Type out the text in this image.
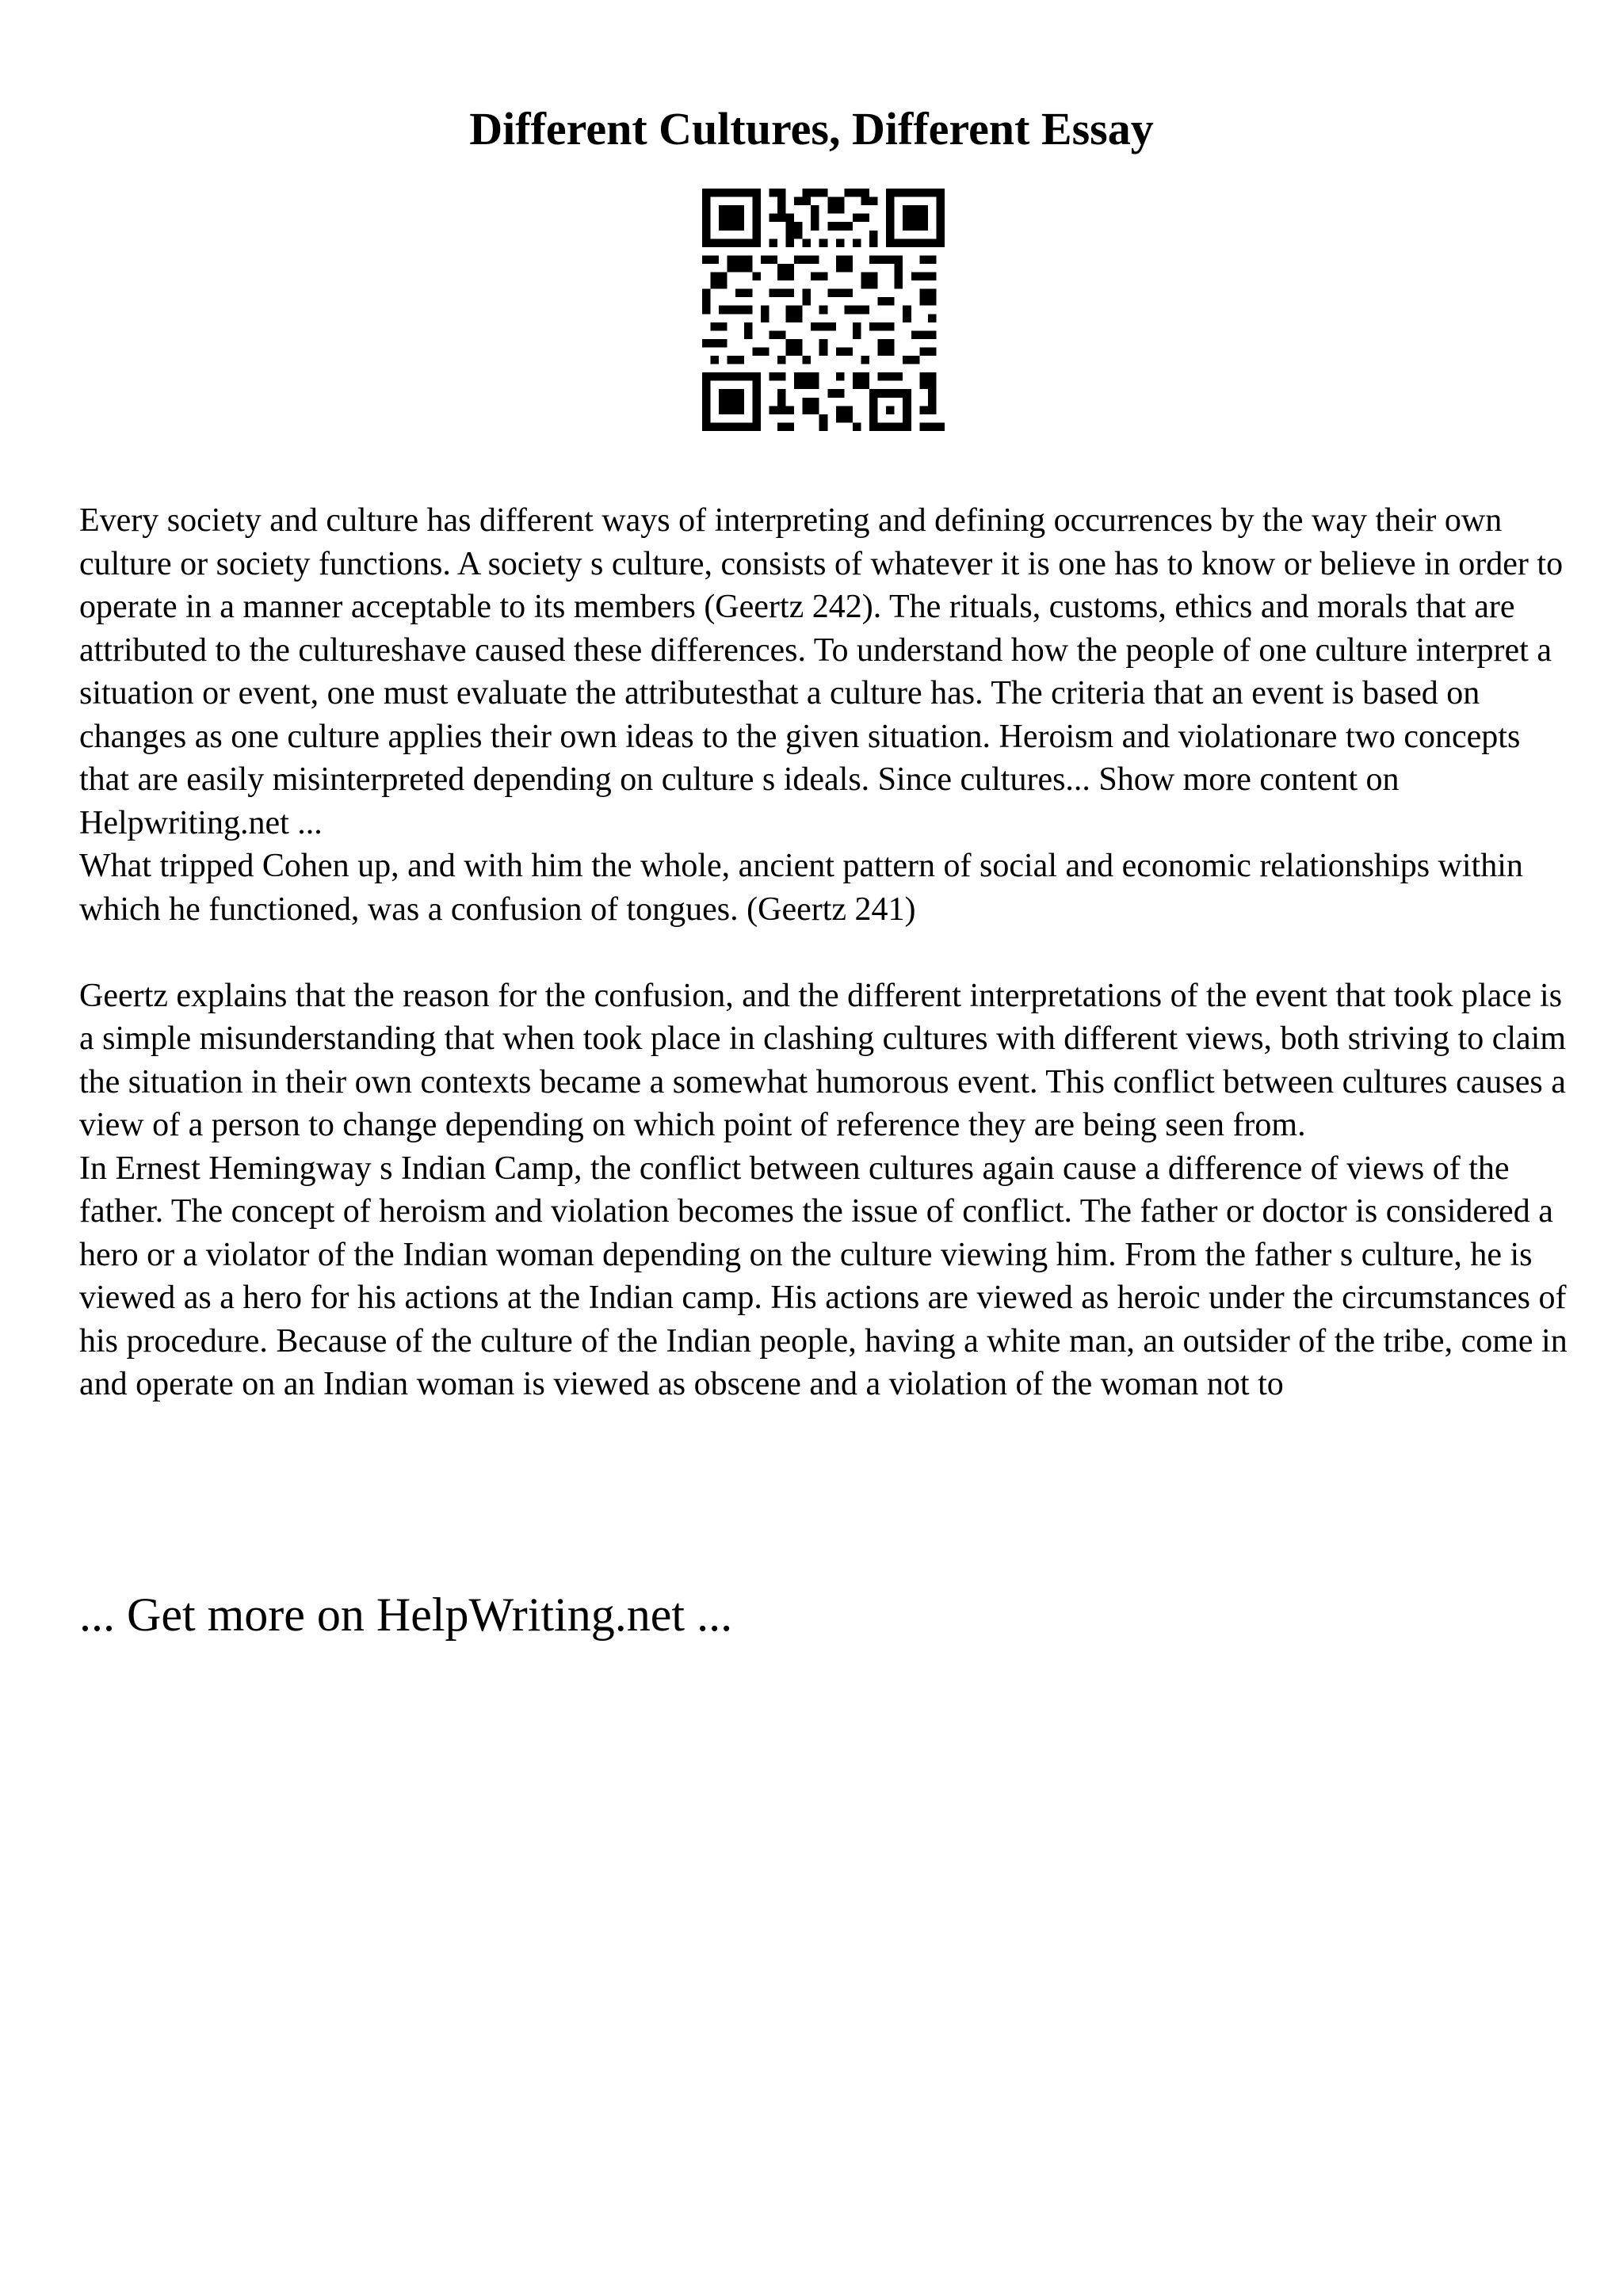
Different Cultures, Different Essay

Every society and culture has different ways of interpreting and defining occurrences by the way their own culture or society functions. A society s culture, consists of whatever it is one has to know or believe in order to operate in a manner acceptable to its members (Geertz 242). The rituals, customs, ethics and morals that are attributed to the cultureshave caused these differences. To understand how the people of one culture interpret a situation or event, one must evaluate the attributesthat a culture has. The criteria that an event is based on changes as one culture applies their own ideas to the given situation. Heroism and violationare two concepts that are easily misinterpreted depending on culture s ideals. Since cultures... Show more content on Helpwriting.net ...

What tripped Cohen up, and with him the whole, ancient pattern of social and economic relationships within which he functioned, was a confusion of tongues. (Geertz 241)

Geertz explains that the reason for the confusion, and the different interpretations of the event that took place is a simple misunderstanding that when took place in clashing cultures with different views, both striving to claim the situation in their own contexts became a somewhat humorous event. This conflict between cultures causes a view of a person to change depending on which point of reference they are being seen from.

In Ernest Hemingway s Indian Camp, the conflict between cultures again cause a difference of views of the father. The concept of heroism and violation becomes the issue of conflict. The father or doctor is considered a hero or a violator of the Indian woman depending on the culture viewing him. From the father s culture, he is viewed as a hero for his actions at the Indian camp. His actions are viewed as heroic under the circumstances of his procedure. Because of the culture of the Indian people, having a white man, an outsider of the tribe, come in and operate on an Indian woman is viewed as obscene and a violation of the woman not to

... Get more on HelpWriting.net ...
